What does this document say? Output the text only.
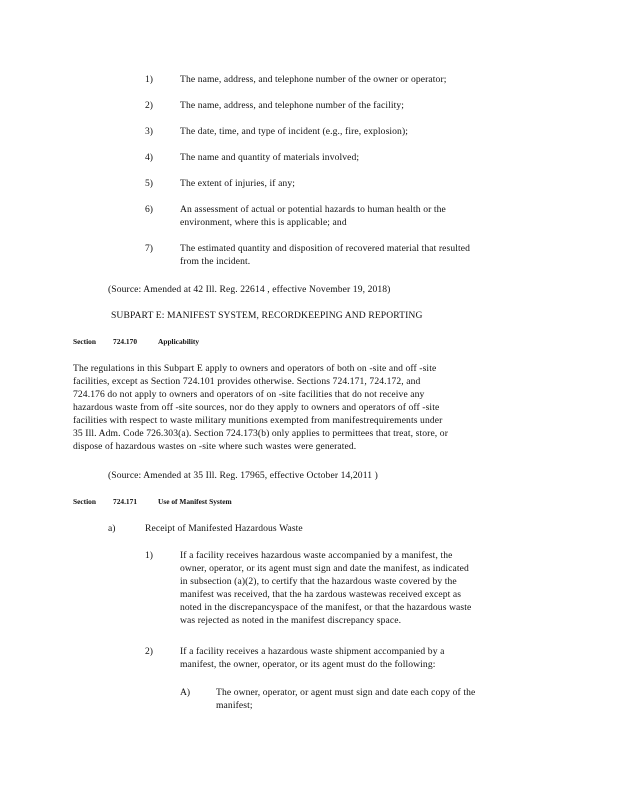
1)	The name, address, and telephone number of the owner or operator;
2)	The name, address, and telephone number of the facility;
3)	The date, time, and type of incident (e.g., fire, explosion);
4)	The name and quantity of materials involved;
5)	The extent of injuries, if any;
6)	An assessment of actual or potential hazards to human health or the
environment, where this is applicable; and
7)	The estimated quantity and disposition of recovered material that resulted
from the incident.
(Source: Amended at 42 Ill. Reg. 22614 , effective November 19, 2018)
SUBPART E: MANIFEST SYSTEM, RECORDKEEPING AND REPORTING
Section 724.170	Applicability
The regulations in this Subpart E apply to owners and operators of both on -site and off -site
facilities, except as Section 724.101 provides otherwise. Sections 724.171, 724.172, and
724.176 do not apply to owners and operators of on -site facilities that do not receive any
hazardous waste from off -site sources, nor do they apply to owners and operators of off -site
facilities with respect to waste military munitions exempted from manifestrequirements under
35 Ill. Adm. Code 726.303(a). Section 724.173(b) only applies to permittees that treat, store, or
dispose of hazardous wastes on -site where such wastes were generated.
(Source: Amended at 35 Ill. Reg. 17965, effective October 14,2011 )
Section 724.171	Use of Manifest System
a)	Receipt of Manifested Hazardous Waste
1)	If a facility receives hazardous waste accompanied by a manifest, the
owner, operator, or its agent must sign and date the manifest, as indicated
in subsection (a)(2), to certify that the hazardous waste covered by the
manifest was received, that the ha zardous wastewas received except as
noted in the discrepancyspace of the manifest, or that the hazardous waste
was rejected as noted in the manifest discrepancy space.
2)	If a facility receives a hazardous waste shipment accompanied by a
manifest, the owner, operator, or its agent must do the following:
A)	The owner, operator, or agent must sign and date each copy of the
manifest;
